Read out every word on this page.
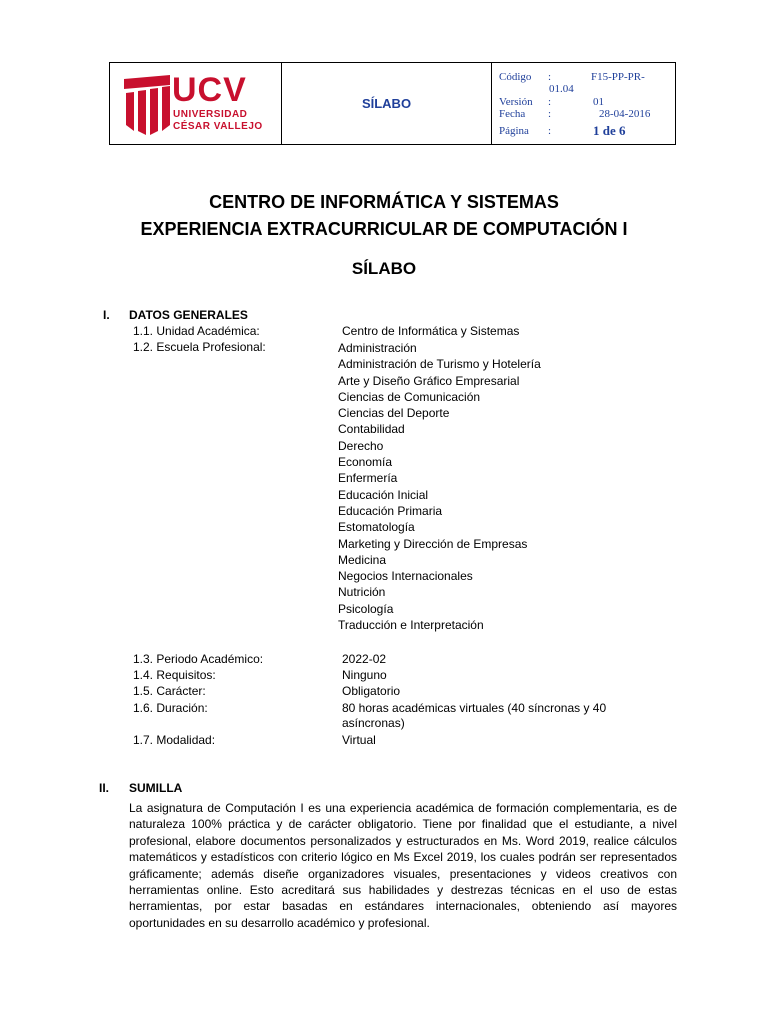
UCV
UNIVERSIDAD
CÉSAR VALLEJO
SÍLABO
Código :	F15-PP-PR-
01.04
Versión :	01
Fecha :	28-04-2016
Página :	1 de 6
CENTRO DE INFORMÁTICA Y SISTEMAS
EXPERIENCIA EXTRACURRICULAR DE COMPUTACIÓN I
SÍLABO
I. DATOS GENERALES
1.1. Unidad Académica:	Centro de Informática y Sistemas
1.2. Escuela Profesional:	Administración
Administración de Turismo y Hotelería
Arte y Diseño Gráfico Empresarial
Ciencias de Comunicación
Ciencias del Deporte
Contabilidad
Derecho
Economía
Enfermería
Educación Inicial
Educación Primaria
Estomatología
Marketing y Dirección de Empresas
Medicina
Negocios Internacionales
Nutrición
Psicología
Traducción e Interpretación
1.3. Periodo Académico:	2022-02
1.4. Requisitos:	Ninguno
1.5. Carácter:	Obligatorio
1.6. Duración:	80 horas académicas virtuales (40 síncronas y 40
asíncronas)
1.7. Modalidad:	Virtual
II. SUMILLA
La asignatura de Computación I es una experiencia académica de formación complementaria, es de naturaleza 100% práctica y de carácter obligatorio. Tiene por finalidad que el estudiante, a nivel profesional, elabore documentos personalizados y estructurados en Ms. Word 2019, realice cálculos matemáticos y estadísticos con criterio lógico en Ms Excel 2019, los cuales podrán ser representados gráficamente; además diseñe organizadores visuales, presentaciones y videos creativos con herramientas online. Esto acreditará sus habilidades y destrezas técnicas en el uso de estas herramientas, por estar basadas en estándares internacionales, obteniendo así mayores oportunidades en su desarrollo académico y profesional.
